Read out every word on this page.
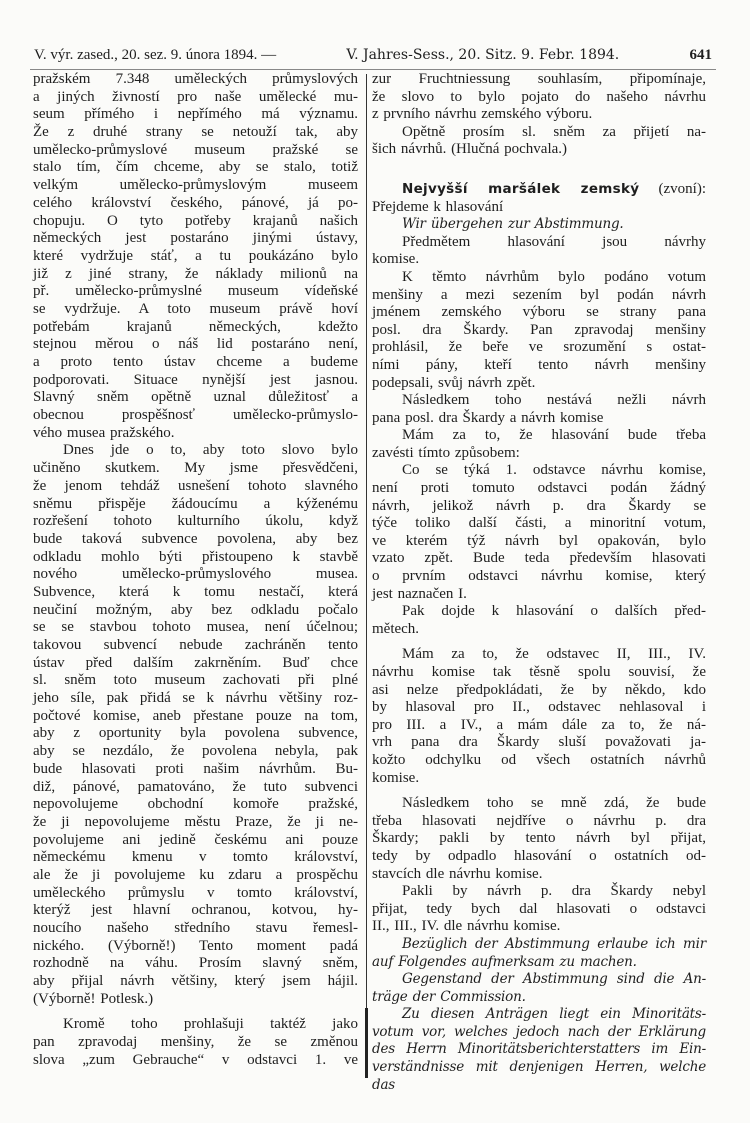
V. výr. zased., 20. sez. 9. února 1894. —	V. Jahres-Sess., 20. Sitz. 9. Febr. 1894.	641
pražském 7.348 uměleckých průmyslových
a jiných živností pro naše umělecké mu-
seum přímého i nepřímého má významu.
Že z druhé strany se netouží tak, aby
umělecko-průmyslové museum pražské se
stalo tím, čím chceme, aby se stalo, totiž
velkým umělecko-průmyslovým museem
celého království českého, pánové, já po-
chopuju. O tyto potřeby krajanů našich
německých jest postaráno jinými ústavy,
které vydržuje stáť, a tu poukázáno bylo
již z jiné strany, že náklady milionů na
př. umělecko-průmyslné museum vídeňské
se vydržuje. A toto museum právě hoví
potřebám krajanů německých, kdežto
stejnou měrou o náš lid postaráno není,
a proto tento ústav chceme a budeme
podporovati. Situace nynější jest jasnou.
Slavný sněm opětně uznal důležitosť a
obecnou prospěšnosť umělecko-průmyslo-
vého musea pražského.
Dnes jde o to, aby toto slovo bylo
učiněno skutkem. My jsme přesvědčeni,
že jenom tehdáž usnešení tohoto slavného
sněmu přispěje žádoucímu a kýženému
rozřešení tohoto kulturního úkolu, když
bude taková subvence povolena, aby bez
odkladu mohlo býti přistoupeno k stavbě
nového umělecko-průmyslového musea.
Subvence, která k tomu nestačí, která
neučiní možným, aby bez odkladu počalo
se se stavbou tohoto musea, není účelnou;
takovou subvencí nebude zachráněn tento
ústav před dalším zakrněním. Buď chce
sl. sněm toto museum zachovati při plné
jeho síle, pak přidá se k návrhu většiny roz-
počtové komise, aneb přestane pouze na tom,
aby z oportunity byla povolena subvence,
aby se nezdálo, že povolena nebyla, pak
bude hlasovati proti našim návrhům. Bu-
diž, pánové, pamatováno, že tuto subvenci
nepovolujeme obchodní komoře pražské,
že ji nepovolujeme městu Praze, že ji ne-
povolujeme ani jedině českému ani pouze
německému kmenu v tomto království,
ale že ji povolujeme ku zdaru a prospěchu
uměleckého průmyslu v tomto království,
kterýž jest hlavní ochranou, kotvou, hy-
noucího našeho středního stavu řemesl-
nického. (Výborně!) Tento moment padá
rozhodně na váhu. Prosím slavný sněm,
aby přijal návrh většiny, který jsem hájil.
(Výborně! Potlesk.)
Kromě toho prohlašuji taktéž jako
pan zpravodaj menšiny, že se změnou
slova „zum Gebrauche“ v odstavci 1. ve
zur Fruchtniessung souhlasím, připomínaje,
že slovo to bylo pojato do našeho návrhu
z prvního návrhu zemského výboru.
Opětně prosím sl. sněm za přijetí na-
šich návrhů. (Hlučná pochvala.)
Nejvyšší maršálek zemský (zvoní):
Přejdeme k hlasování
Wir übergehen zur Abstimmung.
Předmětem hlasování jsou návrhy
komise.
K těmto návrhům bylo podáno votum
menšiny a mezi sezením byl podán návrh
jménem zemského výboru se strany pana
posl. dra Škardy. Pan zpravodaj menšiny
prohlásil, že beře ve srozumění s ostat-
ními pány, kteří tento návrh menšiny
podepsali, svůj návrh zpět.
Následkem toho nestává nežli návrh
pana posl. dra Škardy a návrh komise
Mám za to, že hlasování bude třeba
zavésti tímto způsobem:
Co se týká 1. odstavce návrhu komise,
není proti tomuto odstavci podán žádný
návrh, jelikož návrh p. dra Škardy se
týče toliko další části, a minoritní votum,
ve kterém týž návrh byl opakován, bylo
vzato zpět. Bude teda především hlasovati
o prvním odstavci návrhu komise, který
jest naznačen I.
Pak dojde k hlasování o dalších před-
mětech.
Mám za to, že odstavec II, III., IV.
návrhu komise tak těsně spolu souvisí, že
asi nelze předpokládati, že by někdo, kdo
by hlasoval pro II., odstavec nehlasoval i
pro III. a IV., a mám dále za to, že ná-
vrh pana dra Škardy sluší považovati ja-
kožto odchylku od všech ostatních návrhů
komise.
Následkem toho se mně zdá, že bude
třeba hlasovati nejdříve o návrhu p. dra
Škardy; pakli by tento návrh byl přijat,
tedy by odpadlo hlasování o ostatních od-
stavcích dle návrhu komise.
Pakli by návrh p. dra Škardy nebyl
přijat, tedy bych dal hlasovati o odstavci
II., III., IV. dle návrhu komise.
Bezüglich der Abstimmung erlaube ich mir
auf Folgendes aufmerksam zu machen.
Gegenstand der Abstimmung sind die An-
träge der Commission.
Zu diesen Anträgen liegt ein Minoritäts-
votum vor, welches jedoch nach der Erklärung
des Herrn Minoritätsberichterstatters im Ein-
verständnisse mit denjenigen Herren, welche das
